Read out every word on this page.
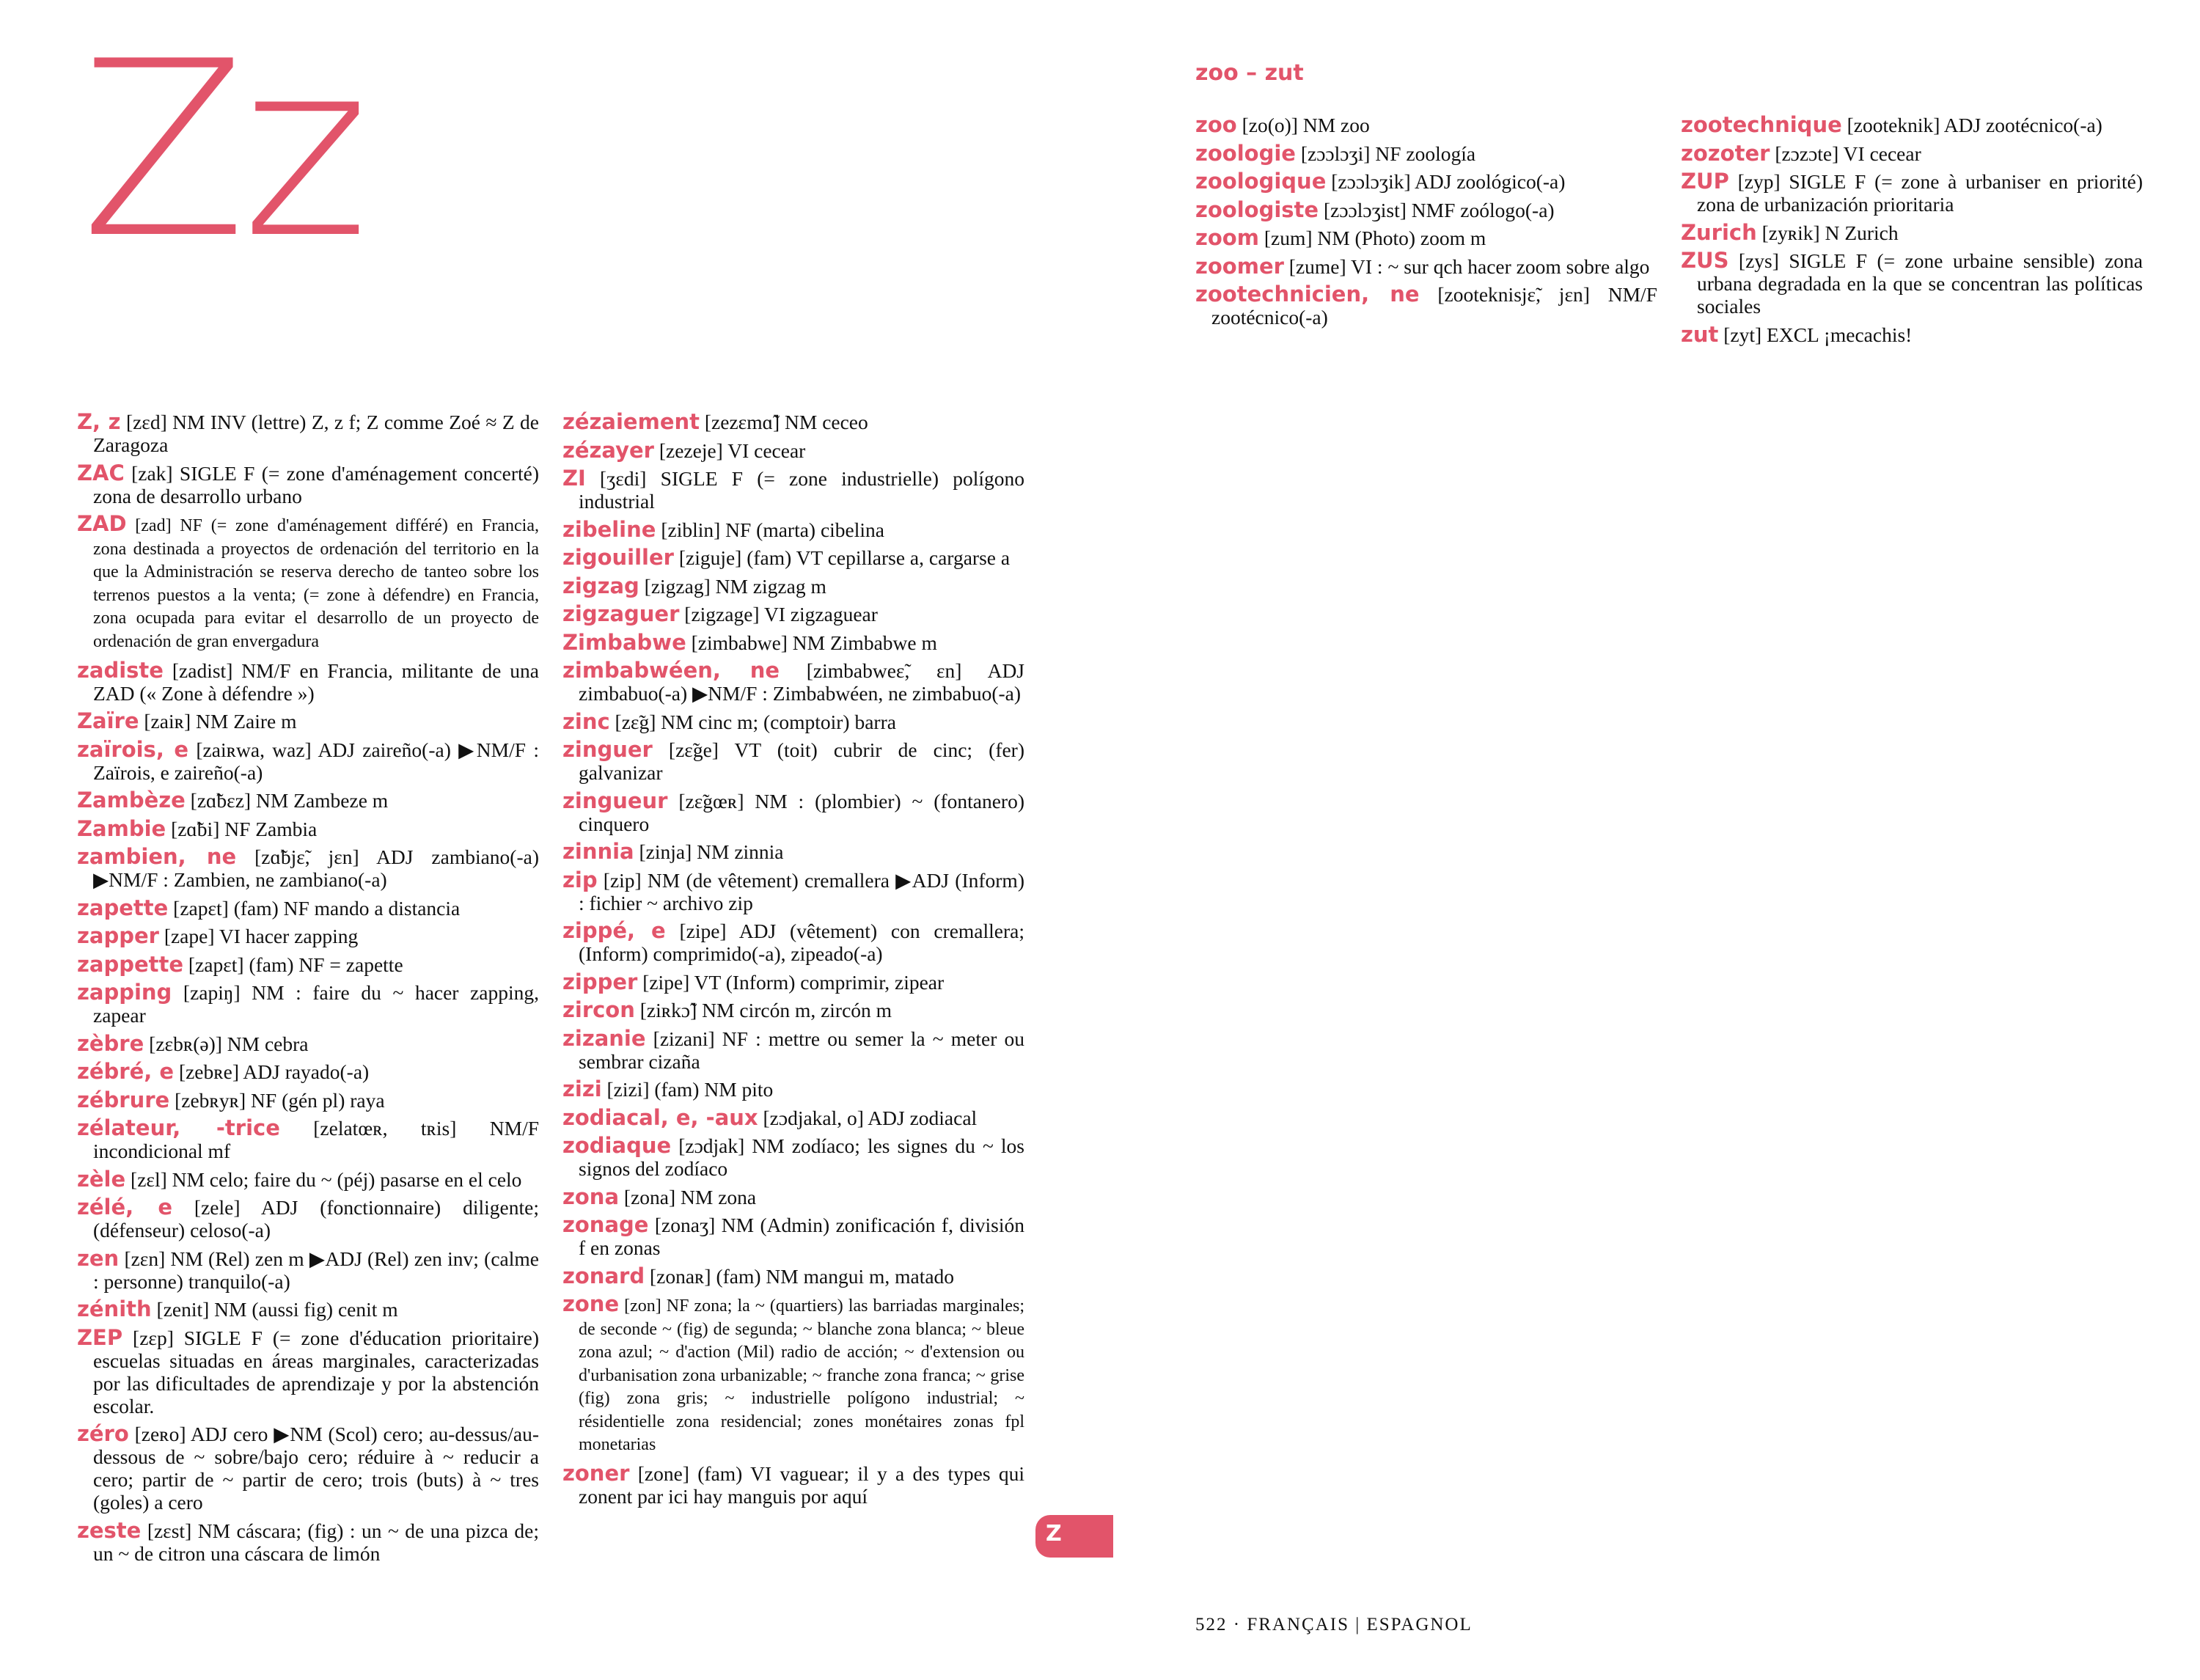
Zz	zoo – zut
Z, z [zɛd] NM INV (lettre) Z, z f; Z comme Zoé ≈ Z de Zaragoza
ZAC [zak] SIGLE F (= zone d'aménagement concerté) zona de desarrollo urbano
ZAD [zad] NF (= zone d'aménagement différé) en Francia, zona destinada a proyectos de ordenación del territorio en la que la Administración se reserva derecho de tanteo sobre los terrenos puestos a la venta; (= zone à défendre) en Francia, zona ocupada para evitar el desarrollo de un proyecto de ordenación de gran envergadura
zadiste [zadist] NM/F en Francia, militante de una ZAD (« Zone à défendre »)
Zaïre [zaiʀ] NM Zaire m
zaïrois, e [zaiʀwa, waz] ADJ zaireño(-a) ▶NM/F : Zaïrois, e zaireño(-a)
Zambèze [zɑ̃bɛz] NM Zambeze m
Zambie [zɑ̃bi] NF Zambia
zambien, ne [zɑ̃bjɛ̃, jɛn] ADJ zambiano(-a) ▶NM/F : Zambien, ne zambiano(-a)
zapette [zapɛt] (fam) NF mando a distancia
zapper [zape] VI hacer zapping
zappette [zapɛt] (fam) NF = zapette
zapping [zapiŋ] NM : faire du ~ hacer zapping, zapear
zèbre [zɛbʀ(ə)] NM cebra
zébré, e [zebʀe] ADJ rayado(-a)
zébrure [zebʀyʀ] NF (gén pl) raya
zélateur, -trice [zelatœʀ, tʀis] NM/F incondicional mf
zèle [zɛl] NM celo; faire du ~ (péj) pasarse en el celo
zélé, e [zele] ADJ (fonctionnaire) diligente; (défenseur) celoso(-a)
zen [zɛn] NM (Rel) zen m ▶ADJ (Rel) zen inv; (calme : personne) tranquilo(-a)
zénith [zenit] NM (aussi fig) cenit m
ZEP [zɛp] SIGLE F (= zone d'éducation prioritaire) escuelas situadas en áreas marginales, caracterizadas por las dificultades de aprendizaje y por la abstención escolar.
zéro [zeʀo] ADJ cero ▶NM (Scol) cero; au-dessus/au-dessous de ~ sobre/bajo cero; réduire à ~ reducir a cero; partir de ~ partir de cero; trois (buts) à ~ tres (goles) a cero
zeste [zɛst] NM cáscara; (fig) : un ~ de una pizca de; un ~ de citron una cáscara de limón
zézaiement [zezɛmɑ̃] NM ceceo
zézayer [zezeje] VI cecear
ZI [ʒɛdi] SIGLE F (= zone industrielle) polígono industrial
zibeline [ziblin] NF (marta) cibelina
zigouiller [ziguje] (fam) VT cepillarse a, cargarse a
zigzag [zigzag] NM zigzag m
zigzaguer [zigzage] VI zigzaguear
Zimbabwe [zimbabwe] NM Zimbabwe m
zimbabwéen, ne [zimbabweɛ̃, ɛn] ADJ zimbabuo(-a) ▶NM/F : Zimbabwéen, ne zimbabuo(-a)
zinc [zɛ̃g] NM cinc m; (comptoir) barra
zinguer [zɛ̃ge] VT (toit) cubrir de cinc; (fer) galvanizar
zingueur [zɛ̃gœʀ] NM : (plombier) ~ (fontanero) cinquero
zinnia [zinja] NM zinnia
zip [zip] NM (de vêtement) cremallera ▶ADJ (Inform) : fichier ~ archivo zip
zippé, e [zipe] ADJ (vêtement) con cremallera; (Inform) comprimido(-a), zipeado(-a)
zipper [zipe] VT (Inform) comprimir, zipear
zircon [ziʀkɔ̃] NM circón m, zircón m
zizanie [zizani] NF : mettre ou semer la ~ meter ou sembrar cizaña
zizi [zizi] (fam) NM pito
zodiacal, e, -aux [zɔdjakal, o] ADJ zodiacal
zodiaque [zɔdjak] NM zodíaco; les signes du ~ los signos del zodíaco
zona [zona] NM zona
zonage [zonaʒ] NM (Admin) zonificación f, división f en zonas
zonard [zonaʀ] (fam) NM mangui m, matado
zone [zon] NF zona; la ~ (quartiers) las barriadas marginales; de seconde ~ (fig) de segunda; ~ blanche zona blanca; ~ bleue zona azul; ~ d'action (Mil) radio de acción; ~ d'extension ou d'urbanisation zona urbanizable; ~ franche zona franca; ~ grise (fig) zona gris; ~ industrielle polígono industrial; ~ résidentielle zona residencial; zones monétaires zonas fpl monetarias
zoner [zone] (fam) VI vaguear; il y a des types qui zonent par ici hay manguis por aquí
zoo [zo(o)] NM zoo
zoologie [zɔɔlɔʒi] NF zoología
zoologique [zɔɔlɔʒik] ADJ zoológico(-a)
zoologiste [zɔɔlɔʒist] NMF zoólogo(-a)
zoom [zum] NM (Photo) zoom m
zoomer [zume] VI : ~ sur qch hacer zoom sobre algo
zootechnicien, ne [zooteknisjɛ̃, jɛn] NM/F zootécnico(-a)
zootechnique [zooteknik] ADJ zootécnico(-a)
zozoter [zɔzɔte] VI cecear
ZUP [zyp] SIGLE F (= zone à urbaniser en priorité) zona de urbanización prioritaria
Zurich [zyʀik] N Zurich
ZUS [zys] SIGLE F (= zone urbaine sensible) zona urbana degradada en la que se concentran las políticas sociales
zut [zyt] EXCL ¡mecachis!
Z
522 · FRANÇAIS | ESPAGNOL
